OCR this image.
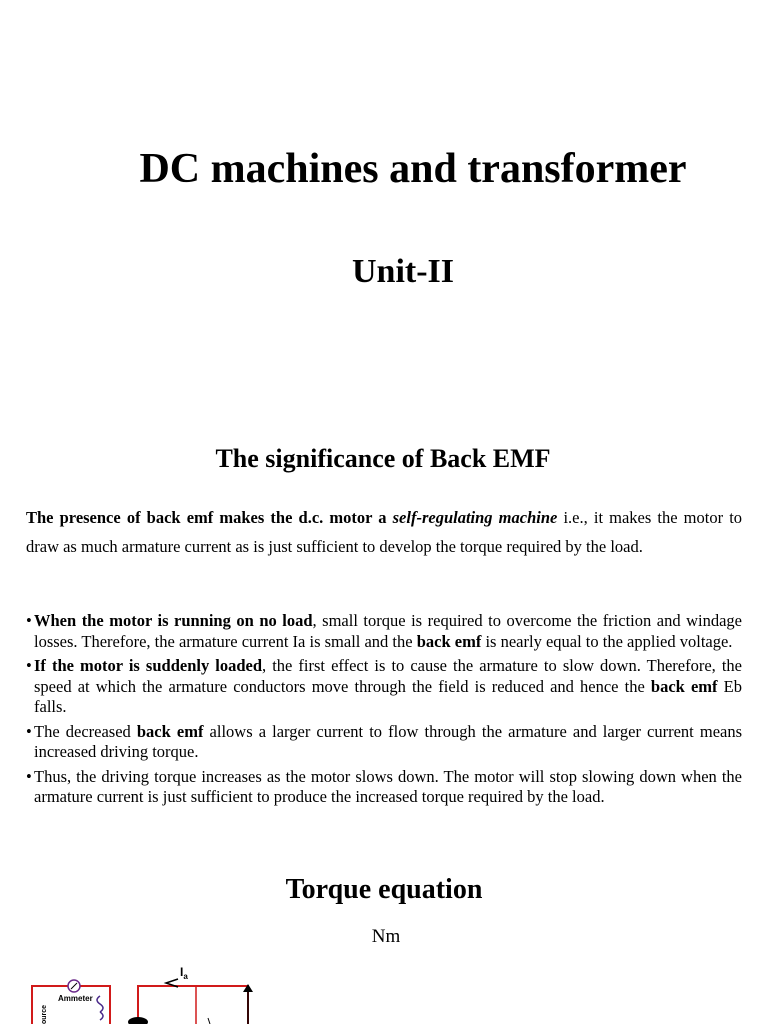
DC machines and transformer
Unit-II
The significance of Back EMF
The presence of back emf makes the d.c. motor a self-regulating machine i.e., it makes the motor to draw as much armature current as is just sufficient to develop the torque required by the load.
• When the motor is running on no load, small torque is required to overcome the friction and windage losses. Therefore, the armature current Ia is small and the back emf is nearly equal to the applied voltage.
• If the motor is suddenly loaded, the first effect is to cause the armature to slow down. Therefore, the speed at which the armature conductors move through the field is reduced and hence the back emf Eb falls.
• The decreased back emf allows a larger current to flow through the armature and larger current means increased driving torque.
• Thus, the driving torque increases as the motor slows down. The motor will stop slowing down when the armature current is just sufficient to produce the increased torque required by the load.
Torque equation
Nm
Ammeter
ource
$I_a$
